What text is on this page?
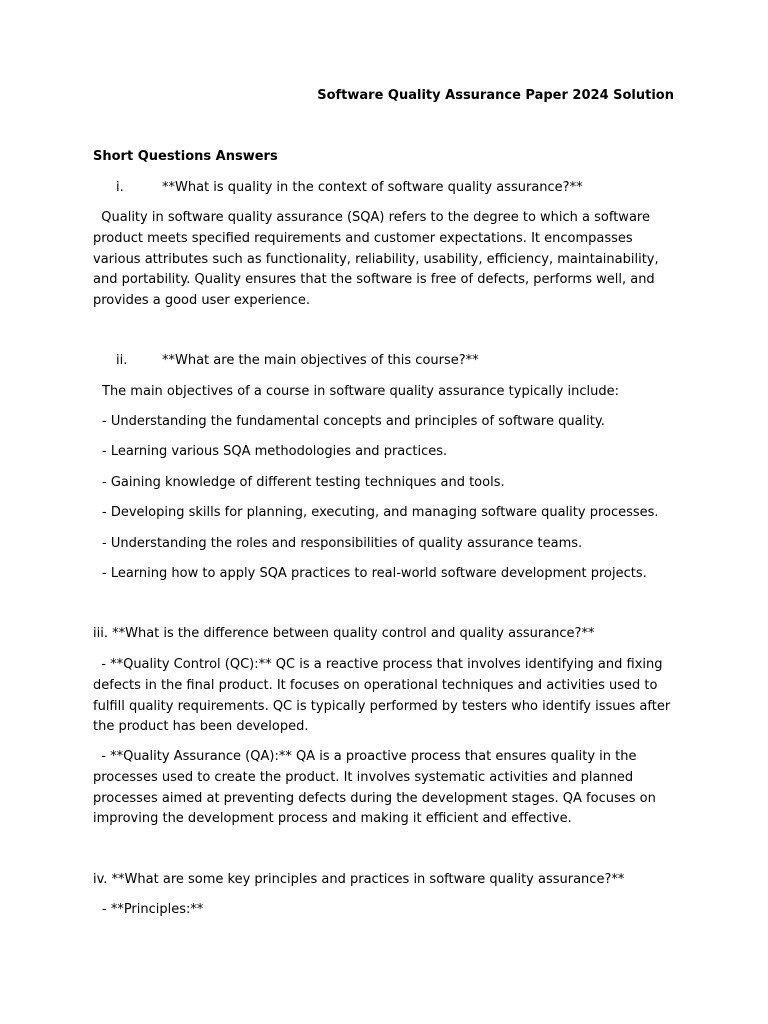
Software Quality Assurance Paper 2024 Solution
Short Questions Answers
i.	**What is quality in the context of software quality assurance?**
Quality in software quality assurance (SQA) refers to the degree to which a software product meets specified requirements and customer expectations. It encompasses various attributes such as functionality, reliability, usability, efficiency, maintainability, and portability. Quality ensures that the software is free of defects, performs well, and provides a good user experience.
ii.	**What are the main objectives of this course?**
The main objectives of a course in software quality assurance typically include:
- Understanding the fundamental concepts and principles of software quality.
- Learning various SQA methodologies and practices.
- Gaining knowledge of different testing techniques and tools.
- Developing skills for planning, executing, and managing software quality processes.
- Understanding the roles and responsibilities of quality assurance teams.
- Learning how to apply SQA practices to real-world software development projects.
iii. **What is the difference between quality control and quality assurance?**
- **Quality Control (QC):** QC is a reactive process that involves identifying and fixing defects in the final product. It focuses on operational techniques and activities used to fulfill quality requirements. QC is typically performed by testers who identify issues after the product has been developed.
- **Quality Assurance (QA):** QA is a proactive process that ensures quality in the processes used to create the product. It involves systematic activities and planned processes aimed at preventing defects during the development stages. QA focuses on improving the development process and making it efficient and effective.
iv. **What are some key principles and practices in software quality assurance?**
- **Principles:**
